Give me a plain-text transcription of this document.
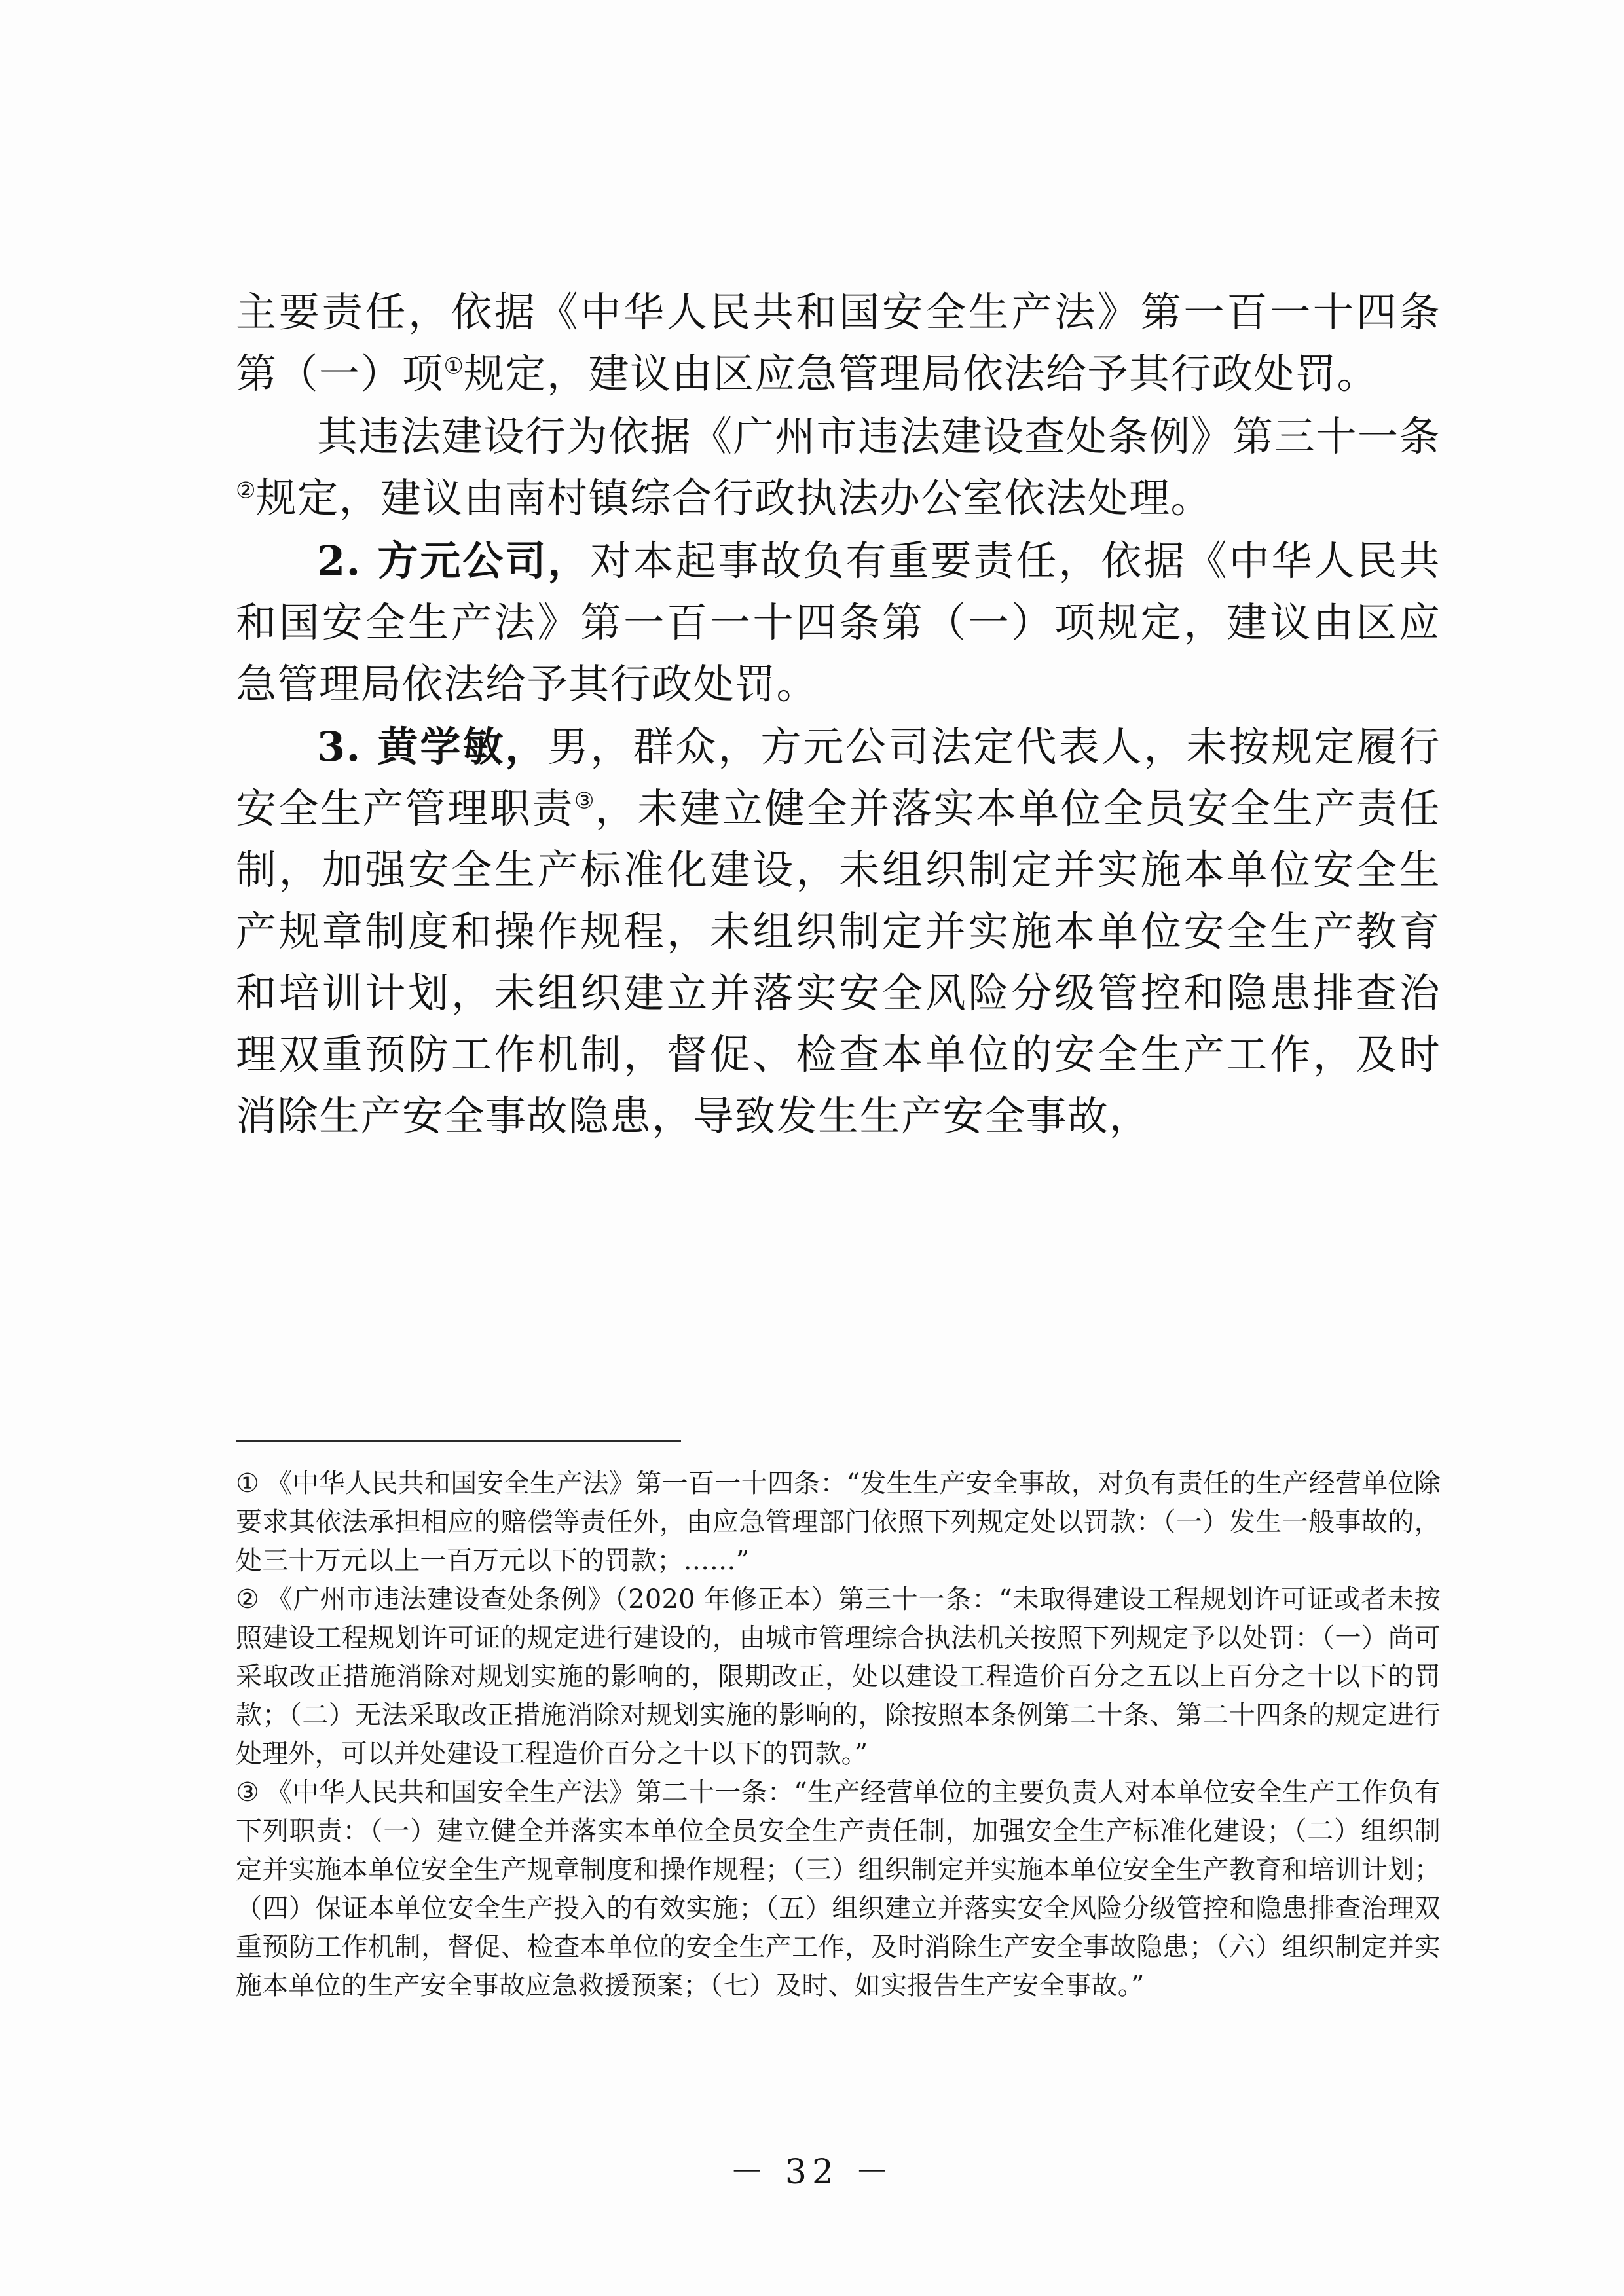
主要责任，依据《中华人民共和国安全生产法》第一百一十四条第（一）项①规定，建议由区应急管理局依法给予其行政处罚。

其违法建设行为依据《广州市违法建设查处条例》第三十一条②规定，建议由南村镇综合行政执法办公室依法处理。

2. 方元公司，对本起事故负有重要责任，依据《中华人民共和国安全生产法》第一百一十四条第（一）项规定，建议由区应急管理局依法给予其行政处罚。

3. 黄学敏，男，群众，方元公司法定代表人，未按规定履行安全生产管理职责③，未建立健全并落实本单位全员安全生产责任制，加强安全生产标准化建设，未组织制定并实施本单位安全生产规章制度和操作规程，未组织制定并实施本单位安全生产教育和培训计划，未组织建立并落实安全风险分级管控和隐患排查治理双重预防工作机制，督促、检查本单位的安全生产工作，及时消除生产安全事故隐患，导致发生生产安全事故，

① 《中华人民共和国安全生产法》第一百一十四条：“发生生产安全事故，对负有责任的生产经营单位除要求其依法承担相应的赔偿等责任外，由应急管理部门依照下列规定处以罚款：（一）发生一般事故的，处三十万元以上一百万元以下的罚款；……”

② 《广州市违法建设查处条例》（2020 年修正本）第三十一条：“未取得建设工程规划许可证或者未按照建设工程规划许可证的规定进行建设的，由城市管理综合执法机关按照下列规定予以处罚：（一）尚可采取改正措施消除对规划实施的影响的，限期改正，处以建设工程造价百分之五以上百分之十以下的罚款；（二）无法采取改正措施消除对规划实施的影响的，除按照本条例第二十条、第二十四条的规定进行处理外，可以并处建设工程造价百分之十以下的罚款。”

③ 《中华人民共和国安全生产法》第二十一条：“生产经营单位的主要负责人对本单位安全生产工作负有下列职责：（一）建立健全并落实本单位全员安全生产责任制，加强安全生产标准化建设；（二）组织制定并实施本单位安全生产规章制度和操作规程；（三）组织制定并实施本单位安全生产教育和培训计划；（四）保证本单位安全生产投入的有效实施；（五）组织建立并落实安全风险分级管控和隐患排查治理双重预防工作机制，督促、检查本单位的安全生产工作，及时消除生产安全事故隐患；（六）组织制定并实施本单位的生产安全事故应急救援预案；（七）及时、如实报告生产安全事故。”

－ 32 －
